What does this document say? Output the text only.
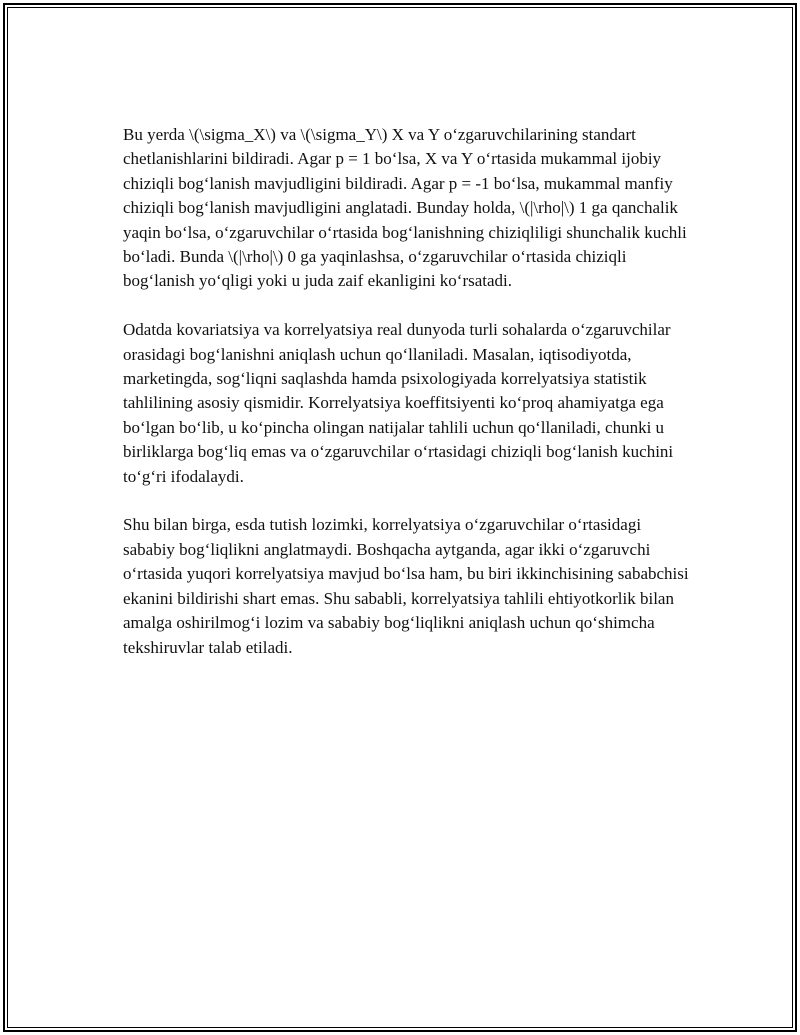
Bu yerda \(\sigma_X\) va \(\sigma_Y\) X va Y oʻzgaruvchilarining standart chetlanishlarini bildiradi. Agar p = 1 boʻlsa, X va Y oʻrtasida mukammal ijobiy chiziqli bogʻlanish mavjudligini bildiradi. Agar p = -1 boʻlsa, mukammal manfiy chiziqli bogʻlanish mavjudligini anglatadi. Bunday holda, \(|\rho|\) 1 ga qanchalik yaqin boʻlsa, oʻzgaruvchilar oʻrtasida bogʻlanishning chiziqliligi shunchalik kuchli boʻladi. Bunda \(|\rho|\) 0 ga yaqinlashsa, oʻzgaruvchilar oʻrtasida chiziqli bogʻlanish yoʻqligi yoki u juda zaif ekanligini koʻrsatadi.

Odatda kovariatsiya va korrelyatsiya real dunyoda turli sohalarda oʻzgaruvchilar orasidagi bogʻlanishni aniqlash uchun qoʻllaniladi. Masalan, iqtisodiyotda, marketingda, sogʻliqni saqlashda hamda psixologiyada korrelyatsiya statistik tahlilining asosiy qismidir. Korrelyatsiya koeffitsiyenti koʻproq ahamiyatga ega boʻlgan boʻlib, u koʻpincha olingan natijalar tahlili uchun qoʻllaniladi, chunki u birliklarga bogʻliq emas va oʻzgaruvchilar oʻrtasidagi chiziqli bogʻlanish kuchini toʻgʻri ifodalaydi.

Shu bilan birga, esda tutish lozimki, korrelyatsiya oʻzgaruvchilar oʻrtasidagi sababiy bogʻliqlikni anglatmaydi. Boshqacha aytganda, agar ikki oʻzgaruvchi oʻrtasida yuqori korrelyatsiya mavjud boʻlsa ham, bu biri ikkinchisining sababchisi ekanini bildirishi shart emas. Shu sababli, korrelyatsiya tahlili ehtiyotkorlik bilan amalga oshirilmogʻi lozim va sababiy bogʻliqlikni aniqlash uchun qoʻshimcha tekshiruvlar talab etiladi.
